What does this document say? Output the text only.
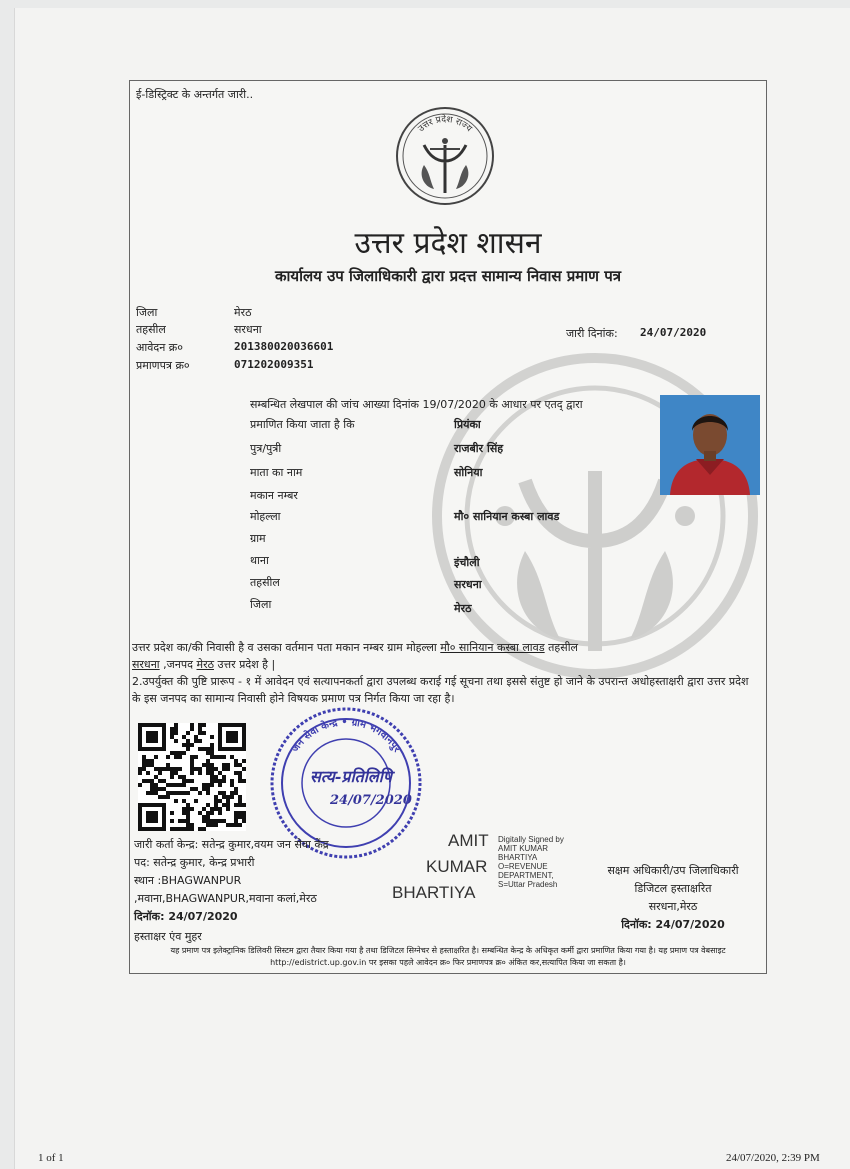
ई-डिस्ट्रिक्ट के अन्तर्गत जारी..
उत्तर प्रदेश राज्य
उत्तर प्रदेश शासन
कार्यालय उप जिलाधिकारी द्वारा प्रदत्त सामान्य निवास प्रमाण पत्र
जिला	मेरठ
तहसील	सरधना
आवेदन क्र०	201380020036601
प्रमाणपत्र क्र०	071202009351
जारी दिनांक: 24/07/2020
सम्बन्धित लेखपाल की जांच आख्या दिनांक 19/07/2020 के आधार पर एतद् द्वारा
प्रमाणित किया जाता है कि	प्रियंका
पुत्र/पुत्री	राजबीर सिंह
माता का नाम	सोनिया
मकान नम्बर
मोहल्ला	मौ० सानियान कस्बा लावड
ग्राम
थाना	इंचौली
तहसील	सरधना
जिला	मेरठ
उत्तर प्रदेश का/की निवासी है व उसका वर्तमान पता मकान नम्बर ग्राम मोहल्ला मौ० सानियान कस्बा लावड तहसील
सरधना ,जनपद मेरठ उत्तर प्रदेश है |
2.उपर्युक्त की पुष्टि प्रारूप - १ में आवेदन एवं सत्यापनकर्ता द्वारा उपलब्ध कराई गई सूचना तथा इससे संतुष्ट हो जाने के उपरान्त अधोहस्ताक्षरी द्वारा उत्तर प्रदेश के इस जनपद का सामान्य निवासी होने विषयक प्रमाण पत्र निर्गत किया जा रहा है।
जन सेवा केन्द्र • ग्राम भगवानपुर
सत्य-प्रतिलिपि
24/07/2020
जारी कर्ता केन्द्र: सतेन्द्र कुमार,वयम जन सेवा केंद्र
पद: सतेन्द्र कुमार, केन्द्र प्रभारी
स्थान :BHAGWANPUR
,मवाना,BHAGWANPUR,मवाना कलां,मेरठ
दिनॉक: 24/07/2020
हस्ताक्षर एंव मुहर
AMIT
KUMAR
BHARTIYA
Digitally Signed by
AMIT KUMAR
BHARTIYA
O=REVENUE
DEPARTMENT,
S=Uttar Pradesh
सक्षम अधिकारी/उप जिलाधिकारी
डिजिटल हस्ताक्षरित
सरधना,मेरठ
दिनॉक: 24/07/2020
यह प्रमाण पत्र इलेक्ट्रानिक डिलिवरी सिस्टम द्वारा तैयार किया गया है तथा डिजिटल सिग्नेचर से हस्ताक्षरित है। सम्बन्धित केन्द्र के अधिकृत कर्मी द्वारा प्रमाणित किया गया है। यह प्रमाण पत्र वेबसाइट http://edistrict.up.gov.in पर इसका पहले आवेदन क्र० फिर प्रमाणपत्र क्र० अंकित कर,सत्यापित किया जा सकता है।
1 of 1	24/07/2020, 2:39 PM
